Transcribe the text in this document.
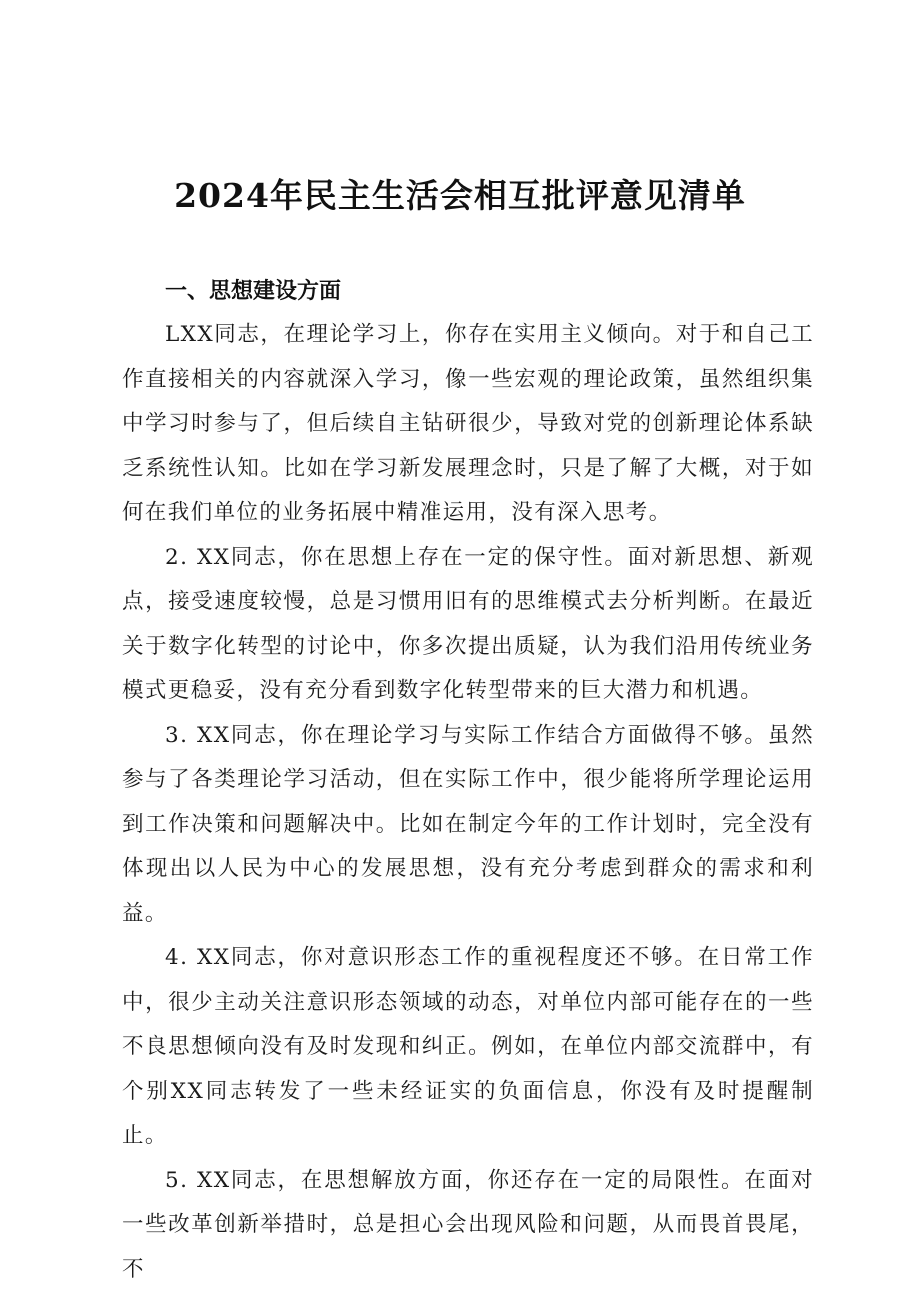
2024年民主生活会相互批评意见清单
一、思想建设方面

LXX同志，在理论学习上，你存在实用主义倾向。对于和自己工作直接相关的内容就深入学习，像一些宏观的理论政策，虽然组织集中学习时参与了，但后续自主钻研很少，导致对党的创新理论体系缺乏系统性认知。比如在学习新发展理念时，只是了解了大概，对于如何在我们单位的业务拓展中精准运用，没有深入思考。

2. XX同志，你在思想上存在一定的保守性。面对新思想、新观点，接受速度较慢，总是习惯用旧有的思维模式去分析判断。在最近关于数字化转型的讨论中，你多次提出质疑，认为我们沿用传统业务模式更稳妥，没有充分看到数字化转型带来的巨大潜力和机遇。

3. XX同志，你在理论学习与实际工作结合方面做得不够。虽然参与了各类理论学习活动，但在实际工作中，很少能将所学理论运用到工作决策和问题解决中。比如在制定今年的工作计划时，完全没有体现出以人民为中心的发展思想，没有充分考虑到群众的需求和利益。

4. XX同志，你对意识形态工作的重视程度还不够。在日常工作中，很少主动关注意识形态领域的动态，对单位内部可能存在的一些不良思想倾向没有及时发现和纠正。例如，在单位内部交流群中，有个别XX同志转发了一些未经证实的负面信息，你没有及时提醒制止。

5. XX同志，在思想解放方面，你还存在一定的局限性。在面对一些改革创新举措时，总是担心会出现风险和问题，从而畏首畏尾，不
